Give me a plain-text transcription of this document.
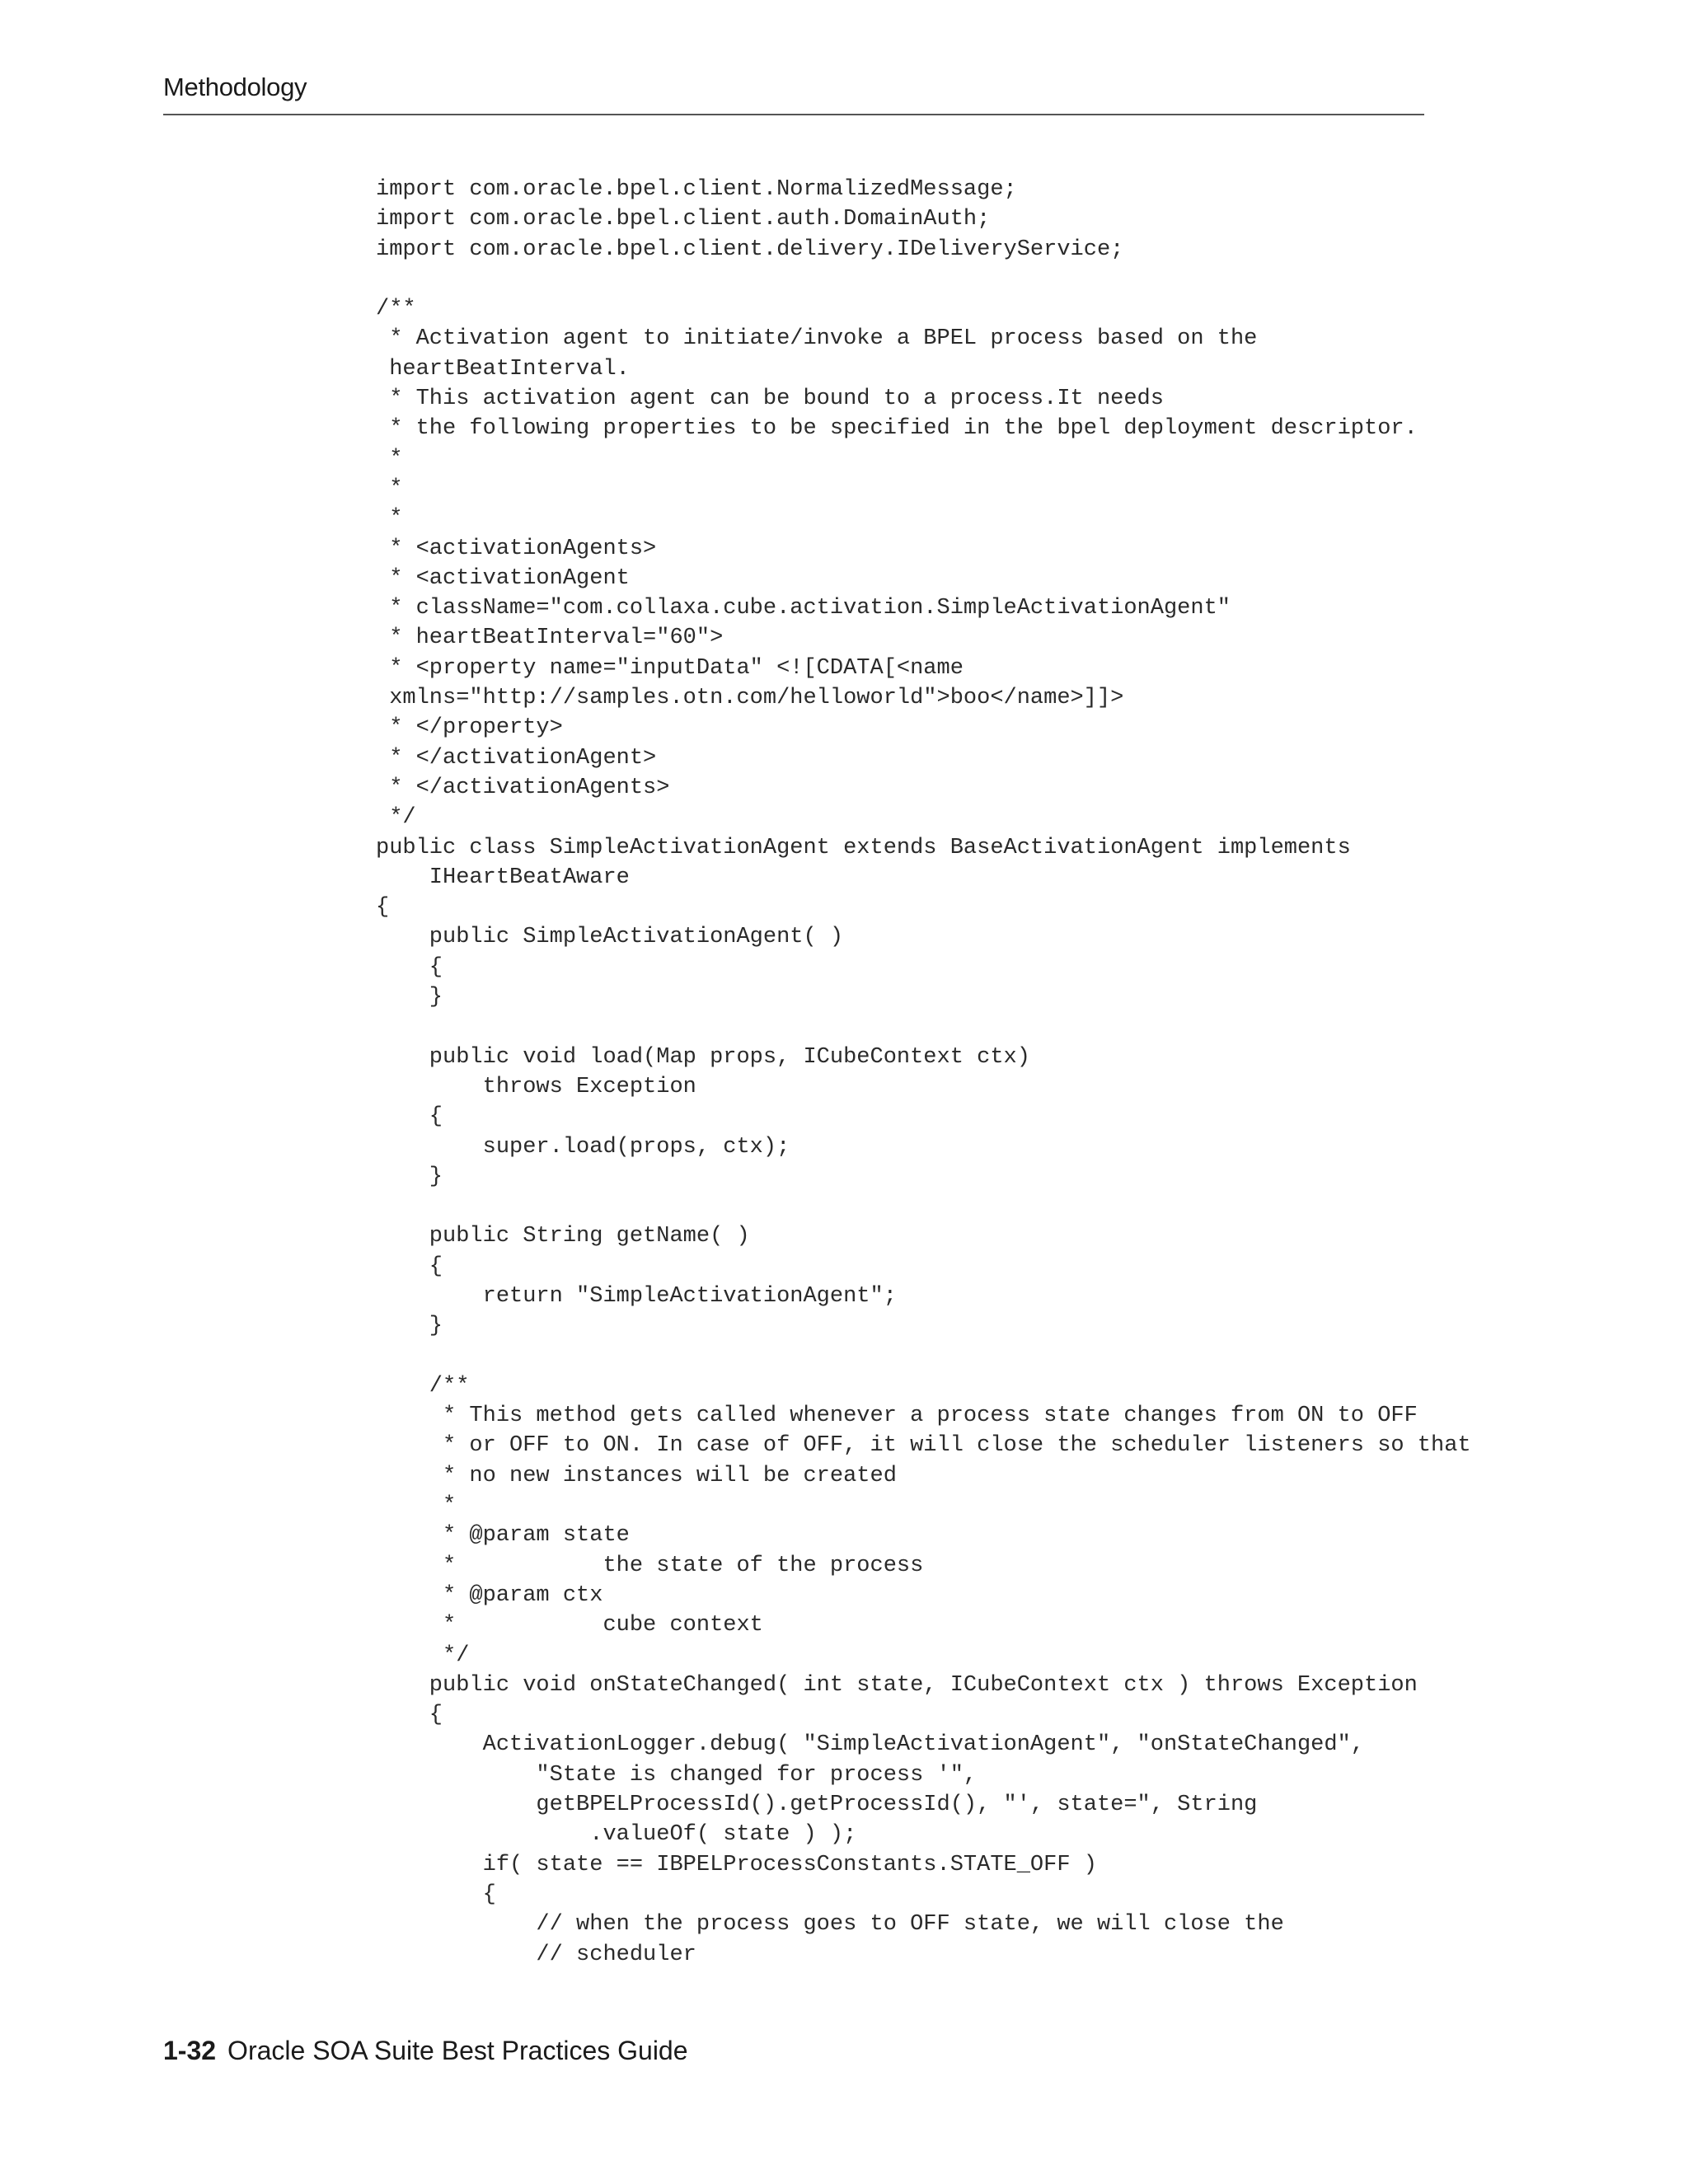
Methodology
import com.oracle.bpel.client.NormalizedMessage;
import com.oracle.bpel.client.auth.DomainAuth;
import com.oracle.bpel.client.delivery.IDeliveryService;
/**
* Activation agent to initiate/invoke a BPEL process based on the
heartBeatInterval.
* This activation agent can be bound to a process.It needs
* the following properties to be specified in the bpel deployment descriptor.
*
*
*
* <activationAgents>
* <activationAgent
* className="com.collaxa.cube.activation.SimpleActivationAgent"
* heartBeatInterval="60">
* <property name="inputData" <![CDATA[<name
xmlns="http://samples.otn.com/helloworld">boo</name>]]>
* </property>
* </activationAgent>
* </activationAgents>
*/
public class SimpleActivationAgent extends BaseActivationAgent implements
IHeartBeatAware
{
public SimpleActivationAgent( )
{
}
public void load(Map props, ICubeContext ctx)
throws Exception
{
super.load(props, ctx);
}
public String getName( )
{
return "SimpleActivationAgent";
}
/**
* This method gets called whenever a process state changes from ON to OFF
* or OFF to ON. In case of OFF, it will close the scheduler listeners so that
* no new instances will be created
*
* @param state
*           the state of the process
* @param ctx
*           cube context
*/
public void onStateChanged( int state, ICubeContext ctx ) throws Exception
{
ActivationLogger.debug( "SimpleActivationAgent", "onStateChanged",
"State is changed for process '",
getBPELProcessId().getProcessId(), "', state=", String
.valueOf( state ) );
if( state == IBPELProcessConstants.STATE_OFF )
{
// when the process goes to OFF state, we will close the
// scheduler
1-32 Oracle SOA Suite Best Practices Guide
